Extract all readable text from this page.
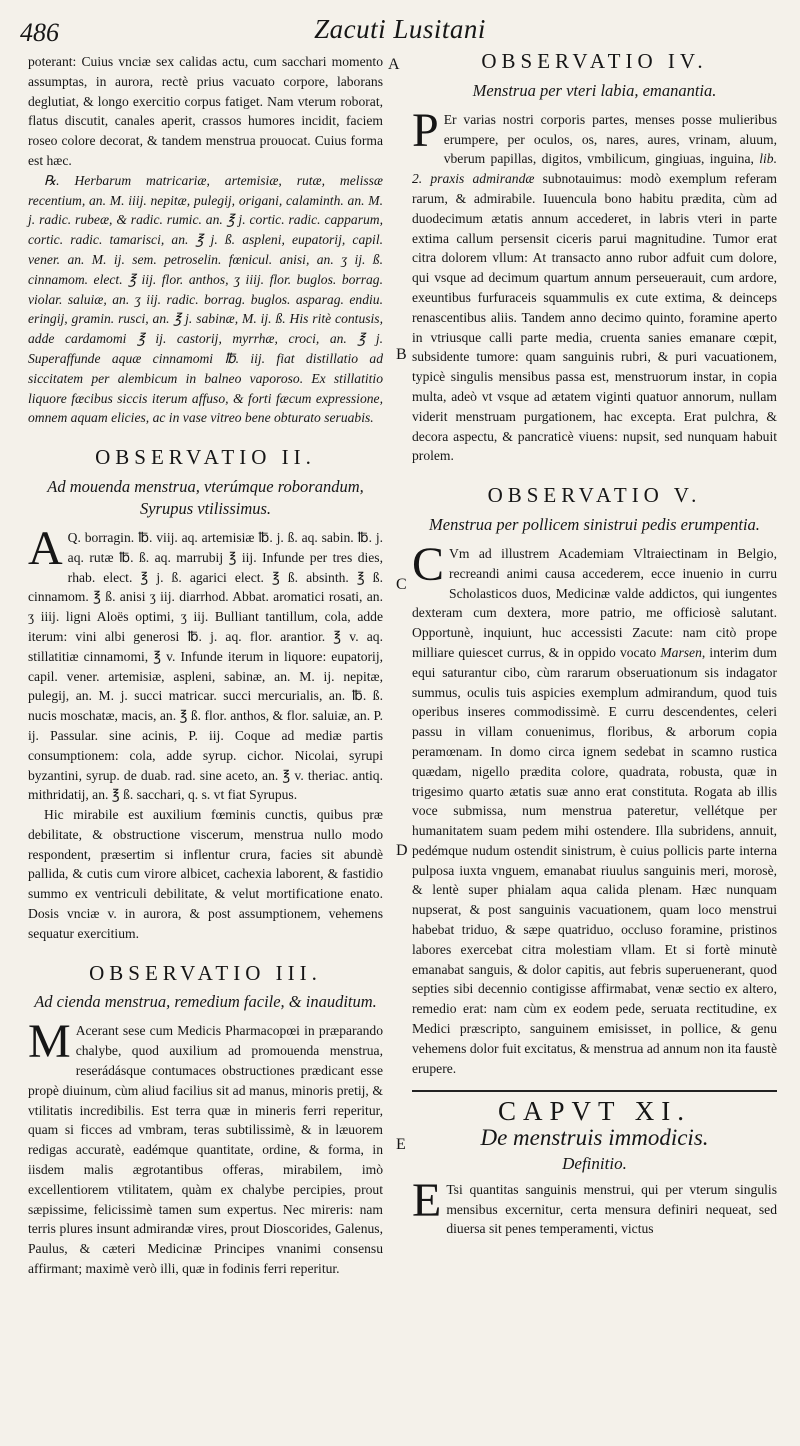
486	Zacuti Lusitani
A
B
C
D
E

poterant: Cuius vnciæ sex calidas actu, cum sacchari momento assumptas, in aurora, rectè prius vacuato corpore, laborans deglutiat, & longo exercitio corpus fatiget. Nam vterum roborat, flatus discutit, canales aperit, crassos humores incidit, faciem roseo colore decorat, & tandem menstrua prouocat. Cuius forma est hæc.

℞. Herbarum matricariæ, artemisiæ, rutæ, melissæ recentium, an. M. iiij. nepitæ, pulegij, origani, calaminth. an. M. j. radic. rubeæ, & radic. rumic. an. ℥ j. cortic. radic. capparum, cortic. radic. tamarisci, an. ℥ j. ß. aspleni, eupatorij, capil. vener. an. M. ij. sem. petroselin. fœnicul. anisi, an. ʒ ij. ß. cinnamom. elect. ℥ iij. flor. anthos, ʒ iiij. flor. buglos. borrag. violar. saluiæ, an. ʒ iij. radic. borrag. buglos. asparag. endiu. eringij, gramin. rusci, an. ℥ j. sabinæ, M. ij. ß. His ritè contusis, adde cardamomi ℥ ij. castorij, myrrhæ, croci, an. ℥ j. Superaffunde aquæ cinnamomi ℔. iij. fiat distillatio ad siccitatem per alembicum in balneo vaporoso. Ex stillatitio liquore fæcibus siccis iterum affuso, & forti fæcum expressione, omnem aquam elicies, ac in vase vitreo bene obturato seruabis.

OBSERVATIO II.
Ad mouenda menstrua, vterúmque roborandum, Syrupus vtilissimus.

A Q. borragin. ℔. viij. aq. artemisiæ ℔. j. ß. aq. sabin. ℔. j. aq. rutæ ℔. ß. aq. marrubij ℥ iij. Infunde per tres dies, rhab. elect. ℥ j. ß. agarici elect. ℥ ß. absinth. ℥ ß. cinnamom. ℥ ß. anisi ʒ iij. diarrhod. Abbat. aromatici rosati, an. ʒ iiij. ligni Aloës optimi, ʒ iij. Bulliant tantillum, cola, adde iterum: vini albi generosi ℔. j. aq. flor. arantior. ℥ v. aq. stillatitiæ cinnamomi, ℥ v. Infunde iterum in liquore: eupatorij, capil. vener. artemisiæ, aspleni, sabinæ, an. M. ij. nepitæ, pulegij, an. M. j. succi matricar. succi mercurialis, an. ℔. ß. nucis moschatæ, macis, an. ℥ ß. flor. anthos, & flor. saluiæ, an. P. ij. Passular. sine acinis, P. iij. Coque ad mediæ partis consumptionem: cola, adde syrup. cichor. Nicolai, syrupi byzantini, syrup. de duab. rad. sine aceto, an. ℥ v. theriac. antiq. mithridatij, an. ℥ ß. sacchari, q. s. vt fiat Syrupus.

Hic mirabile est auxilium fœminis cunctis, quibus præ debilitate, & obstructione viscerum, menstrua nullo modo respondent, præsertim si inflentur crura, facies sit abundè pallida, & cutis cum virore albicet, cachexia laborent, & fastidio summo ex ventriculi debilitate, & velut mortificatione enato. Dosis vnciæ v. in aurora, & post assumptionem, vehemens sequatur exercitium.

OBSERVATIO III.
Ad cienda menstrua, remedium facile, & inauditum.

M Acerant sese cum Medicis Pharmacopœi in præparando chalybe, quod auxilium ad promouenda menstrua, reserádásque contumaces obstructiones prædicant esse propè diuinum, cùm aliud facilius sit ad manus, minoris pretij, & vtilitatis incredibilis. Est terra quæ in mineris ferri reperitur, quam si ficces ad vmbram, teras subtilissimè, & in læuorem redigas accuratè, eadémque quantitate, ordine, & forma, in iisdem malis ægrotantibus offeras, mirabilem, imò excellentiorem vtilitatem, quàm ex chalybe percipies, prout sæpissime, felicissimè tamen sum expertus. Nec mireris: nam terris plures insunt admirandæ vires, prout Dioscorides, Galenus, Paulus, & cæteri Medicinæ Principes vnanimi consensu affirmant; maximè verò illi, quæ in fodinis ferri reperitur.

OBSERVATIO IV.
Menstrua per vteri labia, emanantia.

P Er varias nostri corporis partes, menses posse mulieribus erumpere, per oculos, os, nares, aures, vrinam, aluum, vberum papillas, digitos, vmbilicum, gingiuas, inguina, lib. 2. praxis admirandæ subnotauimus: modò exemplum referam rarum, & admirabile. Iuuencula bono habitu prædita, cùm ad duodecimum ætatis annum accederet, in labris vteri in parte extima callum persensit ciceris parui magnitudine. Tumor erat citra dolorem vllum: At transacto anno rubor adfuit cum dolore, qui vsque ad decimum quartum annum perseuerauit, cum ardore, exeuntibus furfuraceis squammulis ex cute extima, & deinceps renascentibus aliis. Tandem anno decimo quinto, foramine aperto in vtriusque calli parte media, cruenta sanies emanare cœpit, subsidente tumore: quam sanguinis rubri, & puri vacuationem, typicè singulis mensibus passa est, menstruorum instar, in copia multa, adeò vt vsque ad ætatem viginti quatuor annorum, nullam viderit menstruam purgationem, hac excepta. Erat pulchra, & decora aspectu, & pancraticè viuens: nupsit, sed nunquam habuit prolem.

OBSERVATIO V.
Menstrua per pollicem sinistrui pedis erumpentia.

C Vm ad illustrem Academiam Vltraiectinam in Belgio, recreandi animi causa accederem, ecce inuenio in curru Scholasticos duos, Medicinæ valde addictos, qui iungentes dexteram cum dextera, more patrio, me officiosè salutant. Opportunè, inquiunt, huc accessisti Zacute: nam citò prope milliare quiescet currus, & in oppido vocato Marsen, interim dum equi saturantur cibo, cùm rararum obseruationum sis indagator summus, oculis tuis aspicies exemplum admirandum, quod tuis operibus inseres commodissimè. E curru descendentes, celeri passu in villam conuenimus, floribus, & arborum copia peramœnam. In domo circa ignem sedebat in scamno rustica quædam, nigello prædita colore, quadrata, robusta, quæ in trigesimo quarto ætatis suæ anno erat constituta. Rogata ab illis voce submissa, num menstrua pateretur, vellétque per humanitatem suam pedem mihi ostendere. Illa subridens, annuit, pedémque nudum ostendit sinistrum, è cuius pollicis parte interna pulposa iuxta vnguem, emanabat riuulus sanguinis meri, morosè, & lentè super phialam aqua calida plenam. Hæc nunquam nupserat, & post sanguinis vacuationem, quam loco menstrui habebat triduo, & sæpe quatriduo, occluso foramine, pristinos labores exercebat citra molestiam vllam. Et si fortè minutè emanabat sanguis, & dolor capitis, aut febris superuenerant, quod septies sibi decennio contigisse affirmabat, venæ sectio ex altero, remedio erat: nam cùm ex eodem pede, seruata rectitudine, ex Medici præscripto, sanguinem emisisset, in pollice, & genu vehemens dolor fuit excitatus, & menstrua ad annum non ita faustè erupere.

CAPVT XI.
De menstruis immodicis.
Definitio.

E Tsi quantitas sanguinis menstrui, qui per vterum singulis mensibus excernitur, certa mensura definiri nequeat, sed diuersa sit penes temperamenti, victus
